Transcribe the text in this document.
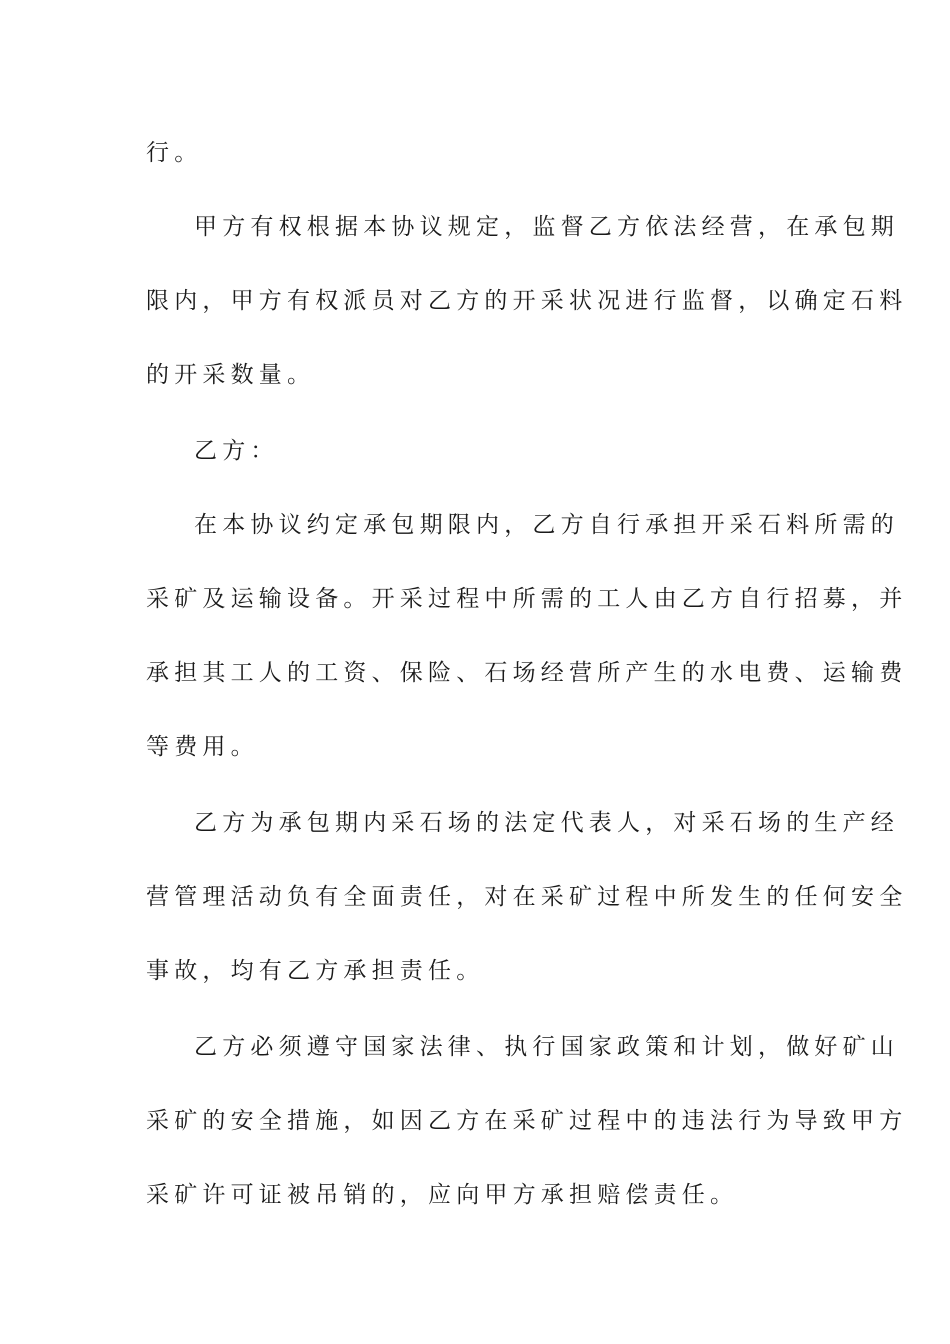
行。
甲方有权根据本协议规定，监督乙方依法经营，在承包期
限内，甲方有权派员对乙方的开采状况进行监督，以确定石料
的开采数量。
乙方：
在本协议约定承包期限内，乙方自行承担开采石料所需的
采矿及运输设备。开采过程中所需的工人由乙方自行招募，并
承担其工人的工资、保险、石场经营所产生的水电费、运输费
等费用。
乙方为承包期内采石场的法定代表人，对采石场的生产经
营管理活动负有全面责任，对在采矿过程中所发生的任何安全
事故，均有乙方承担责任。
乙方必须遵守国家法律、执行国家政策和计划，做好矿山
采矿的安全措施，如因乙方在采矿过程中的违法行为导致甲方
采矿许可证被吊销的，应向甲方承担赔偿责任。
